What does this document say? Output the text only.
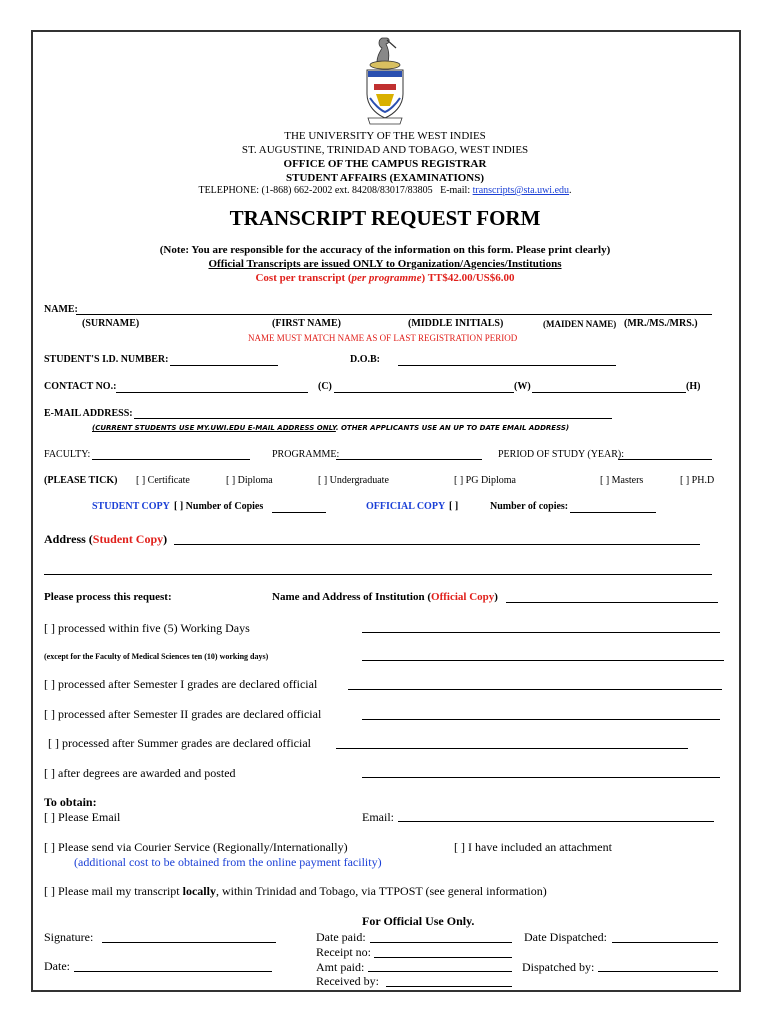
THE UNIVERSITY OF THE WEST INDIES
ST. AUGUSTINE, TRINIDAD AND TOBAGO, WEST INDIES
OFFICE OF THE CAMPUS REGISTRAR
STUDENT AFFAIRS (EXAMINATIONS)
TELEPHONE: (1-868) 662-2002 ext. 84208/83017/83805 E-mail: transcripts@sta.uwi.edu.
TRANSCRIPT REQUEST FORM
(Note: You are responsible for the accuracy of the information on this form. Please print clearly)
Official Transcripts are issued ONLY to Organization/Agencies/Institutions
Cost per transcript (per programme) TT$42.00/US$6.00
NAME:
(SURNAME)	(FIRST NAME)	(MIDDLE INITIALS)	(MAIDEN NAME) (MR./MS./MRS.)
NAME MUST MATCH NAME AS OF LAST REGISTRATION PERIOD
STUDENT'S I.D. NUMBER:	D.O.B:
CONTACT NO.:	(C)	(W)	(H)
E-MAIL ADDRESS:
(CURRENT STUDENTS USE MY.UWI.EDU E-MAIL ADDRESS ONLY. OTHER APPLICANTS USE AN UP TO DATE EMAIL ADDRESS)
FACULTY:	PROGRAMME:	PERIOD OF STUDY (YEAR):
(PLEASE TICK) [ ] Certificate	[ ] Diploma	[ ] Undergraduate	[ ] PG Diploma	[ ] Masters	[ ] PH.D
STUDENT COPY [ ] Number of Copies	OFFICIAL COPY [ ]	Number of copies:
Address (Student Copy)
Please process this request:	Name and Address of Institution (Official Copy)
[ ] processed within five (5) Working Days
(except for the Faculty of Medical Sciences ten (10) working days)
[ ] processed after Semester I grades are declared official
[ ] processed after Semester II grades are declared official
[ ] processed after Summer grades are declared official
[ ] after degrees are awarded and posted
To obtain:
[ ] Please Email	Email:
[ ] Please send via Courier Service (Regionally/Internationally)
(additional cost to be obtained from the online payment facility)
[ ] I have included an attachment
[ ] Please mail my transcript locally, within Trinidad and Tobago, via TTPOST (see general information)
For Official Use Only.
Signature:
Date:
Date paid:
Receipt no:
Amt paid:
Received by:
Date Dispatched:
Dispatched by:
